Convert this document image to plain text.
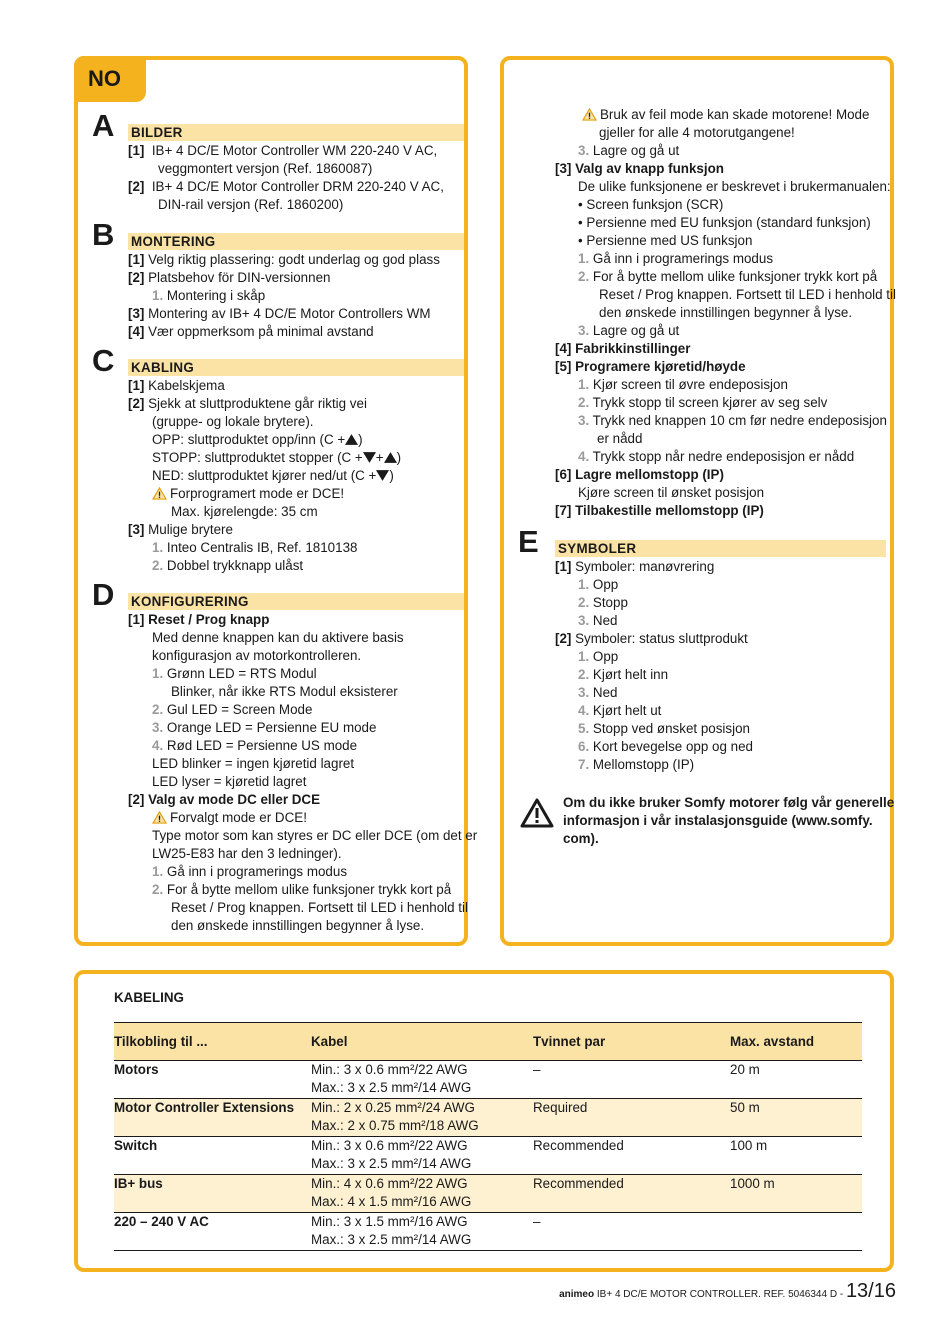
NO
A BILDER
[1] IB+ 4 DC/E Motor Controller WM 220-240 V AC,
veggmontert versjon (Ref. 1860087)
[2] IB+ 4 DC/E Motor Controller DRM 220-240 V AC,
DIN-rail versjon (Ref. 1860200)
B MONTERING
[1] Velg riktig plassering: godt underlag og god plass
[2] Platsbehov för DIN-versionnen
1. Montering i skåp
[3] Montering av IB+ 4 DC/E Motor Controllers WM
[4] Vær oppmerksom på minimal avstand
C KABLING
[1] Kabelskjema
[2] Sjekk at sluttproduktene går riktig vei
(gruppe- og lokale brytere).
OPP: sluttproduktet opp/inn (C + )
STOPP: sluttproduktet stopper (C + + )
NED: sluttproduktet kjører ned/ut (C + )
Forprogramert mode er DCE!
Max. kjørelengde: 35 cm
[3] Mulige brytere
1. Inteo Centralis IB, Ref. 1810138
2. Dobbel trykknapp ulåst
D KONFIGURERING
[1] Reset / Prog knapp
Med denne knappen kan du aktivere basis
konfigurasjon av motorkontrolleren.
1. Grønn LED = RTS Modul
Blinker, når ikke RTS Modul eksisterer
2. Gul LED = Screen Mode
3. Orange LED = Persienne EU mode
4. Rød LED = Persienne US mode
LED blinker = ingen kjøretid lagret
LED lyser = kjøretid lagret
[2] Valg av mode DC eller DCE
Forvalgt mode er DCE!
Type motor som kan styres er DC eller DCE (om det er
LW25-E83 har den 3 ledninger).
1. Gå inn i programerings modus
2. For å bytte mellom ulike funksjoner trykk kort på
Reset / Prog knappen. Fortsett til LED i henhold til
den ønskede innstillingen begynner å lyse.
Bruk av feil mode kan skade motorene! Mode
gjeller for alle 4 motorutgangene!
3. Lagre og gå ut
[3] Valg av knapp funksjon
De ulike funksjonene er beskrevet i brukermanualen:
• Screen funksjon (SCR)
• Persienne med EU funksjon (standard funksjon)
• Persienne med US funksjon
1. Gå inn i programerings modus
2. For å bytte mellom ulike funksjoner trykk kort på
Reset / Prog knappen. Fortsett til LED i henhold til
den ønskede innstillingen begynner å lyse.
3. Lagre og gå ut
[4] Fabrikkinstillinger
[5] Programere kjøretid/høyde
1. Kjør screen til øvre endeposisjon
2. Trykk stopp til screen kjører av seg selv
3. Trykk ned knappen 10 cm før nedre endeposisjon
er nådd
4. Trykk stopp når nedre endeposisjon er nådd
[6] Lagre mellomstopp (IP)
Kjøre screen til ønsket posisjon
[7] Tilbakestille mellomstopp (IP)
E SYMBOLER
[1] Symboler: manøvrering
1. Opp
2. Stopp
3. Ned
[2] Symboler: status sluttprodukt
1. Opp
2. Kjørt helt inn
3. Ned
4. Kjørt helt ut
5. Stopp ved ønsket posisjon
6. Kort bevegelse opp og ned
7. Mellomstopp (IP)
Om du ikke bruker Somfy motorer følg vår generelle
informasjon i vår instalasjonsguide (www.somfy.
com).
KABELING
Tilkobling til ...	Kabel	Tvinnet par	Max. avstand
Motors	Min.: 3 x 0.6 mm²/22 AWG
Max.: 3 x 2.5 mm²/14 AWG	–	20 m
Motor Controller Extensions	Min.: 2 x 0.25 mm²/24 AWG
Max.: 2 x 0.75 mm²/18 AWG	Required	50 m
Switch	Min.: 3 x 0.6 mm²/22 AWG
Max.: 3 x 2.5 mm²/14 AWG	Recommended	100 m
IB+ bus	Min.: 4 x 0.6 mm²/22 AWG
Max.: 4 x 1.5 mm²/16 AWG	Recommended	1000 m
220 – 240 V AC	Min.: 3 x 1.5 mm²/16 AWG
Max.: 3 x 2.5 mm²/14 AWG	–	
animeo IB+ 4 DC/E MOTOR CONTROLLER. REF. 5046344 D - 13/16
